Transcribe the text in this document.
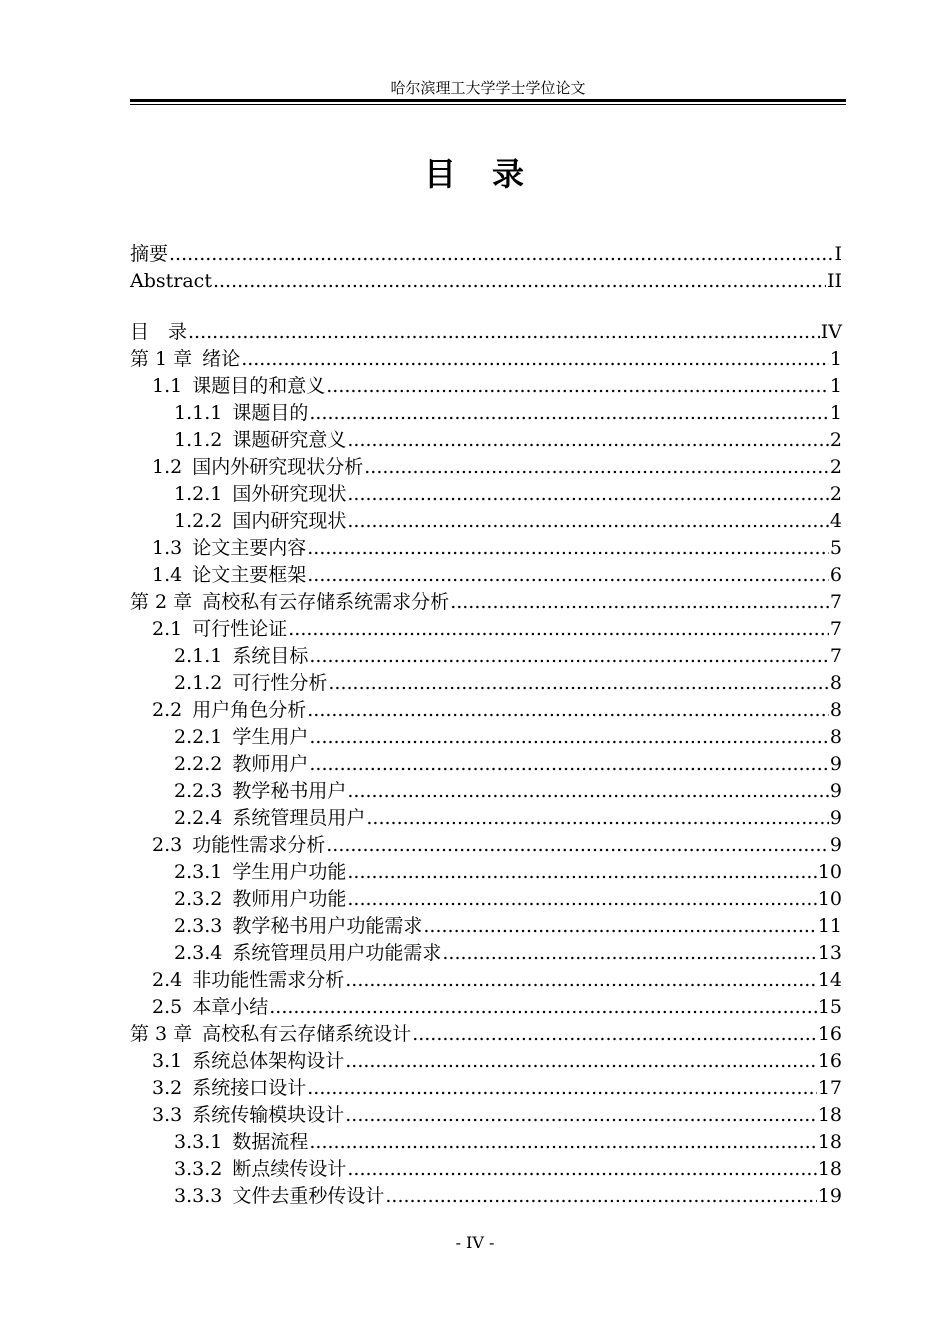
哈尔滨理工大学学士学位论文
目　录
摘要 .....	I
Abstract .....	II
目　录 .....	IV
第 1 章 绪论 .....	1
1.1 课题目的和意义 .....	1
1.1.1 课题目的 .....	1
1.1.2 课题研究意义 .....	2
1.2 国内外研究现状分析 .....	2
1.2.1 国外研究现状 .....	2
1.2.2 国内研究现状 .....	4
1.3 论文主要内容 .....	5
1.4 论文主要框架 .....	6
第 2 章 高校私有云存储系统需求分析 .....	7
2.1 可行性论证 .....	7
2.1.1 系统目标 .....	7
2.1.2 可行性分析 .....	8
2.2 用户角色分析 .....	8
2.2.1 学生用户 .....	8
2.2.2 教师用户 .....	9
2.2.3 教学秘书用户 .....	9
2.2.4 系统管理员用户 .....	9
2.3 功能性需求分析 .....	9
2.3.1 学生用户功能 .....	10
2.3.2 教师用户功能 .....	10
2.3.3 教学秘书用户功能需求 .....	11
2.3.4 系统管理员用户功能需求 .....	13
2.4 非功能性需求分析 .....	14
2.5 本章小结 .....	15
第 3 章 高校私有云存储系统设计 .....	16
3.1 系统总体架构设计 .....	16
3.2 系统接口设计 .....	17
3.3 系统传输模块设计 .....	18
3.3.1 数据流程 .....	18
3.3.2 断点续传设计 .....	18
3.3.3 文件去重秒传设计 .....	19
- IV -
